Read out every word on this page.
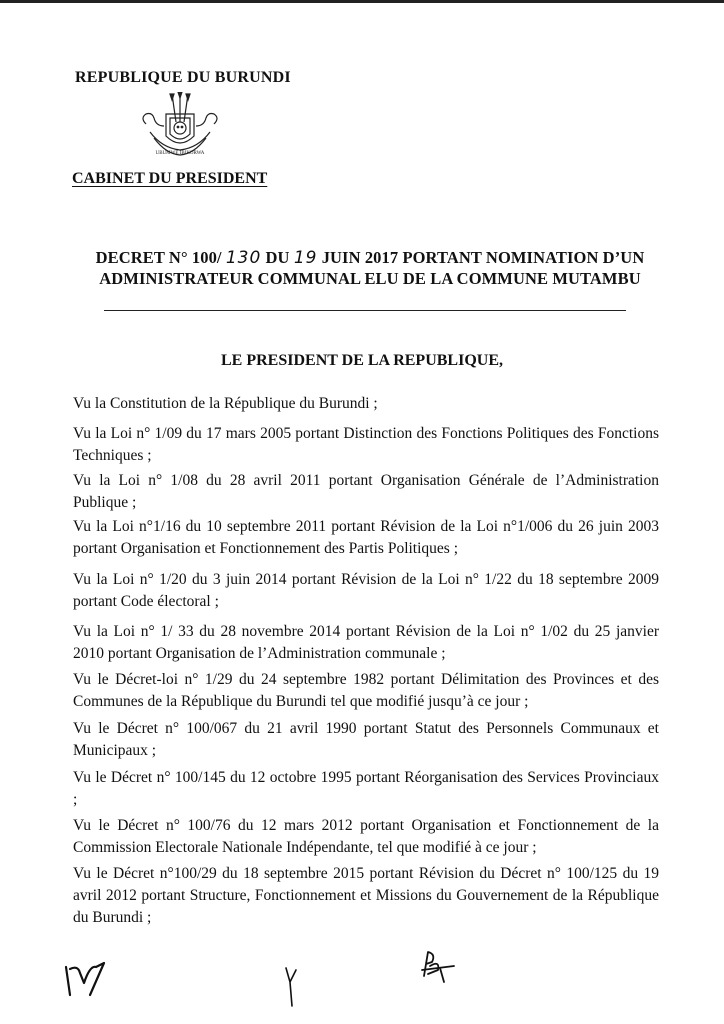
REPUBLIQUE DU BURUNDI
UBUMWE IBIKORWA
CABINET DU PRESIDENT
DECRET N° 100/ 130 DU 19 JUIN 2017 PORTANT NOMINATION D’UN
ADMINISTRATEUR COMMUNAL ELU DE LA COMMUNE MUTAMBU
LE PRESIDENT DE LA REPUBLIQUE,
Vu la Constitution de la République du Burundi ;
Vu la Loi n° 1/09 du 17 mars 2005 portant Distinction des Fonctions Politiques des Fonctions Techniques ;
Vu la Loi n° 1/08 du 28 avril 2011 portant Organisation Générale de l’Administration Publique ;
Vu la Loi n°1/16 du 10 septembre 2011 portant Révision de la Loi n°1/006 du 26 juin 2003 portant Organisation et Fonctionnement des Partis Politiques ;
Vu la Loi n° 1/20 du 3 juin 2014 portant Révision de la Loi n° 1/22 du 18 septembre 2009 portant Code électoral ;
Vu la Loi n° 1/ 33 du 28 novembre 2014 portant Révision de la Loi n° 1/02 du 25 janvier 2010 portant Organisation de l’Administration communale ;
Vu le Décret-loi n° 1/29 du 24 septembre 1982 portant Délimitation des Provinces et des Communes de la République du Burundi tel que modifié jusqu’à ce jour ;
Vu le Décret n° 100/067 du 21 avril 1990 portant Statut des Personnels Communaux et Municipaux ;
Vu le Décret n° 100/145 du 12 octobre 1995 portant Réorganisation des Services Provinciaux ;
Vu le Décret n° 100/76 du 12 mars 2012 portant Organisation et Fonctionnement de la Commission Electorale Nationale Indépendante, tel que modifié à ce jour ;
Vu le Décret n°100/29 du 18 septembre 2015 portant Révision du Décret n° 100/125 du 19 avril 2012 portant Structure, Fonctionnement et Missions du Gouvernement de la République du Burundi ;
